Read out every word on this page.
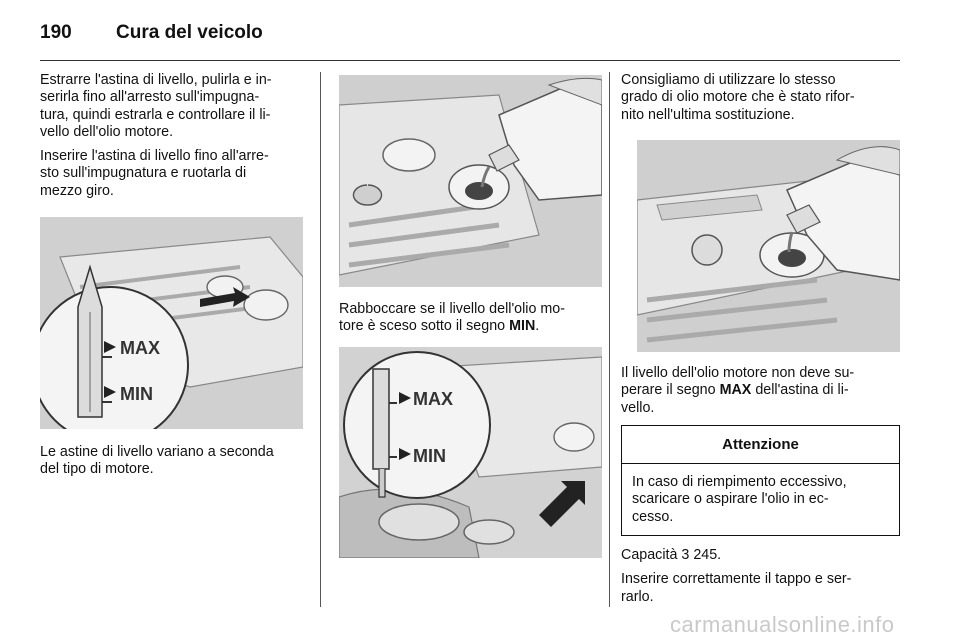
190 Cura del veicolo

Estrarre l'astina di livello, pulirla e in-
serirla fino all'arresto sull'impugna-
tura, quindi estrarla e controllare il li-
vello dell'olio motore.

Inserire l'astina di livello fino all'arre-
sto sull'impugnatura e ruotarla di
mezzo giro.

MAX
MIN
Le astine di livello variano a seconda
del tipo di motore.
Rabboccare se il livello dell'olio mo-
tore è sceso sotto il segno MIN.
MAX
MIN
Consigliamo di utilizzare lo stesso
grado di olio motore che è stato rifor-
nito nell'ultima sostituzione.
Il livello dell'olio motore non deve su-
perare il segno MAX dell'astina di li-
vello.
Attenzione
In caso di riempimento eccessivo,
scaricare o aspirare l'olio in ec-
cesso.

Capacità 3 245.

Inserire correttamente il tappo e ser-
rarlo.

carmanualsonline.info
